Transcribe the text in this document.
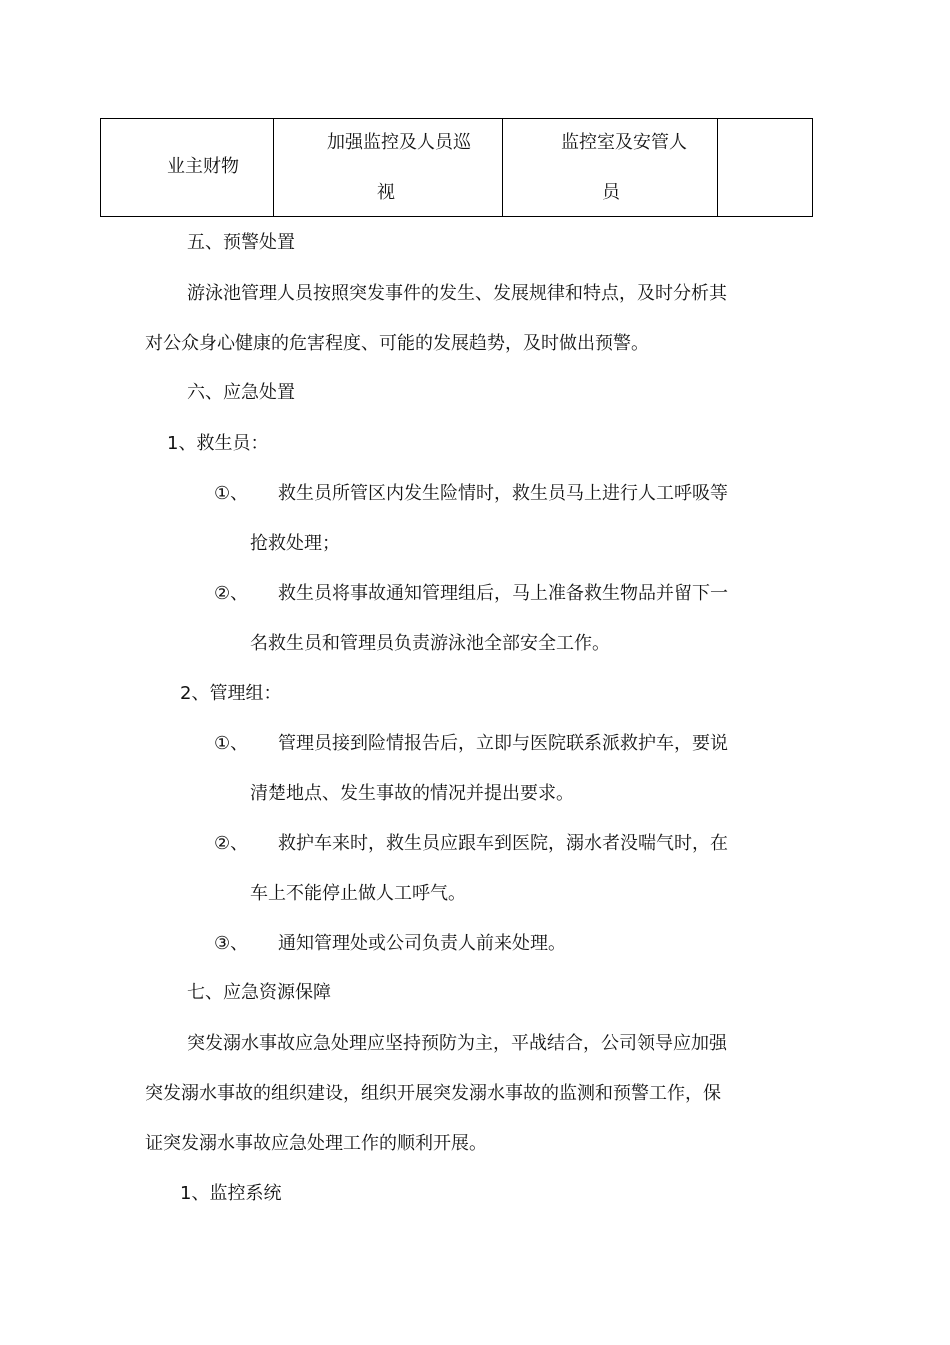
业主财物
加强监控及人员巡
视
监控室及安管人
员
五、预警处置
游泳池管理人员按照突发事件的发生、发展规律和特点，及时分析其
对公众身心健康的危害程度、可能的发展趋势，及时做出预警。
六、应急处置
1、救生员：
①、 救生员所管区内发生险情时，救生员马上进行人工呼吸等
抢救处理；
②、 救生员将事故通知管理组后，马上准备救生物品并留下一
名救生员和管理员负责游泳池全部安全工作。
2、管理组：
①、 管理员接到险情报告后，立即与医院联系派救护车，要说
清楚地点、发生事故的情况并提出要求。
②、 救护车来时，救生员应跟车到医院，溺水者没喘气时，在
车上不能停止做人工呼气。
③、 通知管理处或公司负责人前来处理。
七、应急资源保障
突发溺水事故应急处理应坚持预防为主，平战结合，公司领导应加强
突发溺水事故的组织建设，组织开展突发溺水事故的监测和预警工作，保
证突发溺水事故应急处理工作的顺利开展。
1、监控系统
